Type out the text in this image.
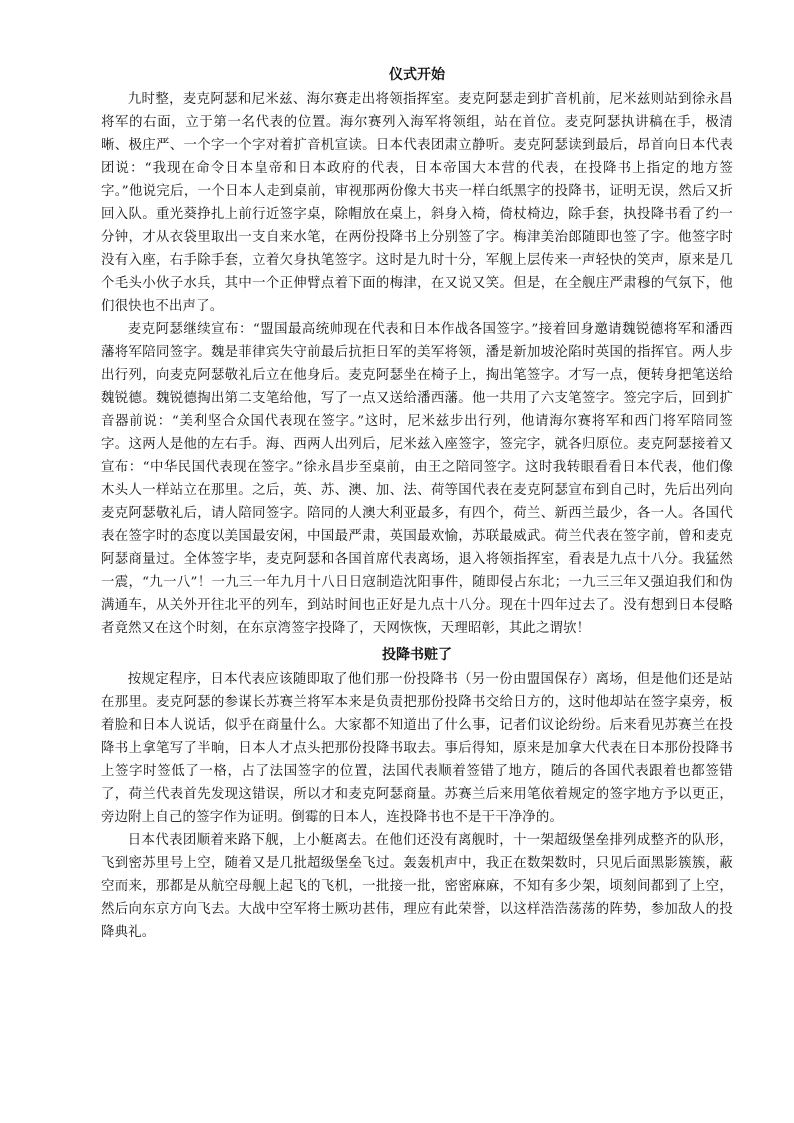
仪式开始

九时整，麦克阿瑟和尼米兹、海尔赛走出将领指挥室。麦克阿瑟走到扩音机前，尼米兹则站到徐永昌将军的右面，立于第一名代表的位置。海尔赛列入海军将领组，站在首位。麦克阿瑟执讲稿在手，极清晰、极庄严、一个字一个字对着扩音机宣读。日本代表团肃立静听。麦克阿瑟读到最后，昂首向日本代表团说：“我现在命令日本皇帝和日本政府的代表，日本帝国大本营的代表，在投降书上指定的地方签字。”他说完后，一个日本人走到桌前，审视那两份像大书夹一样白纸黑字的投降书，证明无误，然后又折回入队。重光葵挣扎上前行近签字桌，除帽放在桌上，斜身入椅，倚杖椅边，除手套，执投降书看了约一分钟，才从衣袋里取出一支自来水笔，在两份投降书上分别签了字。梅津美治郎随即也签了字。他签字时没有入座，右手除手套，立着欠身执笔签字。这时是九时十分，军舰上层传来一声轻快的笑声，原来是几个毛头小伙子水兵，其中一个正伸臂点着下面的梅津，在又说又笑。但是，在全舰庄严肃穆的气氛下，他们很快也不出声了。

麦克阿瑟继续宣布：“盟国最高统帅现在代表和日本作战各国签字。”接着回身邀请魏锐德将军和潘西藩将军陪同签字。魏是菲律宾失守前最后抗拒日军的美军将领，潘是新加坡沦陷时英国的指挥官。两人步出行列，向麦克阿瑟敬礼后立在他身后。麦克阿瑟坐在椅子上，掏出笔签字。才写一点，便转身把笔送给魏锐德。魏锐德掏出第二支笔给他，写了一点又送给潘西藩。他一共用了六支笔签字。签完字后，回到扩音器前说：“美利坚合众国代表现在签字。”这时，尼米兹步出行列，他请海尔赛将军和西门将军陪同签字。这两人是他的左右手。海、西两人出列后，尼米兹入座签字，签完字，就各归原位。麦克阿瑟接着又宣布：“中华民国代表现在签字。”徐永昌步至桌前，由王之陪同签字。这时我转眼看看日本代表，他们像木头人一样站立在那里。之后，英、苏、澳、加、法、荷等国代表在麦克阿瑟宣布到自己时，先后出列向麦克阿瑟敬礼后，请人陪同签字。陪同的人澳大利亚最多，有四个，荷兰、新西兰最少，各一人。各国代表在签字时的态度以美国最安闲，中国最严肃，英国最欢愉，苏联最威武。荷兰代表在签字前，曾和麦克阿瑟商量过。全体签字毕，麦克阿瑟和各国首席代表离场，退入将领指挥室，看表是九点十八分。我猛然一震，“九一八”！一九三一年九月十八日日寇制造沈阳事件，随即侵占东北；一九三三年又强迫我们和伪满通车，从关外开往北平的列车，到站时间也正好是九点十八分。现在十四年过去了。没有想到日本侵略者竟然又在这个时刻，在东京湾签字投降了，天网恢恢，天理昭彰，其此之谓欤！

投降书赃了

按规定程序，日本代表应该随即取了他们那一份投降书（另一份由盟国保存）离场，但是他们还是站在那里。麦克阿瑟的参谋长苏赛兰将军本来是负责把那份投降书交给日方的，这时他却站在签字桌旁，板着脸和日本人说话，似乎在商量什么。大家都不知道出了什么事，记者们议论纷纷。后来看见苏赛兰在投降书上拿笔写了半晌，日本人才点头把那份投降书取去。事后得知，原来是加拿大代表在日本那份投降书上签字时签低了一格，占了法国签字的位置，法国代表顺着签错了地方，随后的各国代表跟着也都签错了，荷兰代表首先发现这错误，所以才和麦克阿瑟商量。苏赛兰后来用笔依着规定的签字地方予以更正，旁边附上自己的签字作为证明。倒霉的日本人，连投降书也不是干干净净的。

日本代表团顺着来路下舰，上小艇离去。在他们还没有离舰时，十一架超级堡垒排列成整齐的队形，飞到密苏里号上空，随着又是几批超级堡垒飞过。轰轰机声中，我正在数架数时，只见后面黑影簇簇，蔽空而来，那都是从航空母舰上起飞的飞机，一批接一批，密密麻麻，不知有多少架，顷刻间都到了上空，然后向东京方向飞去。大战中空军将士厥功甚伟，理应有此荣誉，以这样浩浩荡荡的阵势，参加敌人的投降典礼。
